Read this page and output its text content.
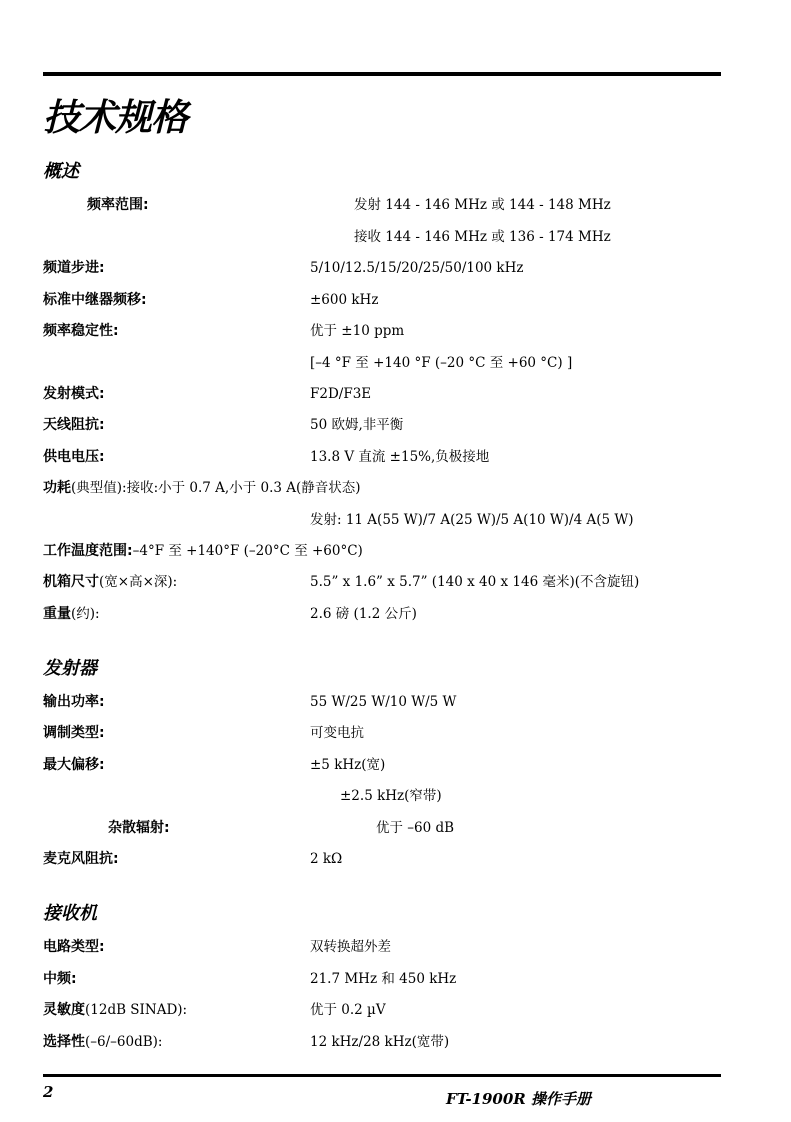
技术规格
概述
频率范围:	发射 144 - 146 MHz 或 144 - 148 MHz
接收 144 - 146 MHz 或 136 - 174 MHz
频道步进:	5/10/12.5/15/20/25/50/100 kHz
标准中继器频移:	±600 kHz
频率稳定性:	优于 ±10 ppm
[–4 °F 至 +140 °F (–20 °C 至 +60 °C) ]
发射模式:	F2D/F3E
天线阻抗:	50 欧姆,非平衡
供电电压:	13.8 V 直流 ±15%,负极接地
功耗(典型值):接收:小于 0.7 A,小于 0.3 A(静音状态)
发射: 11 A(55 W)/7 A(25 W)/5 A(10 W)/4 A(5 W)
工作温度范围:–4°F 至 +140°F (–20°C 至 +60°C)
机箱尺寸(宽×高×深):	5.5” x 1.6” x 5.7” (140 x 40 x 146 毫米)(不含旋钮)
重量(约):	2.6 磅 (1.2 公斤)
发射器
输出功率:	55 W/25 W/10 W/5 W
调制类型:	可变电抗
最大偏移:	±5 kHz(宽)
±2.5 kHz(窄带)
杂散辐射:	优于 –60 dB
麦克风阻抗:	2 kΩ
接收机
电路类型:	双转换超外差
中频:	21.7 MHz 和 450 kHz
灵敏度(12dB SINAD):	优于 0.2 µV
选择性(–6/–60dB):	12 kHz/28 kHz(宽带)
2	FT-1900R 操作手册
